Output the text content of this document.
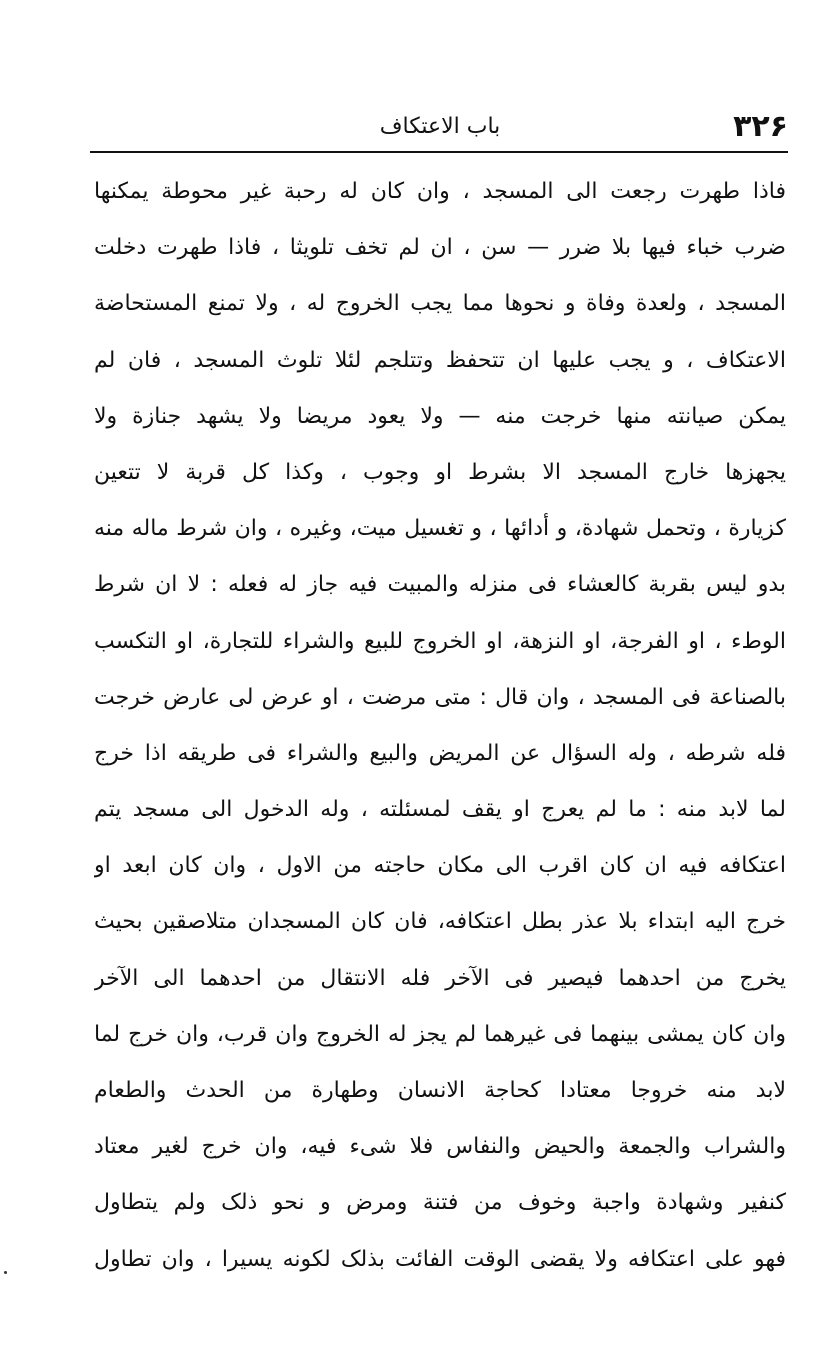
۳۲۶
باب الاعتکاف
فاذا طهرت رجعت الی المسجد ، وان کان له رحبة غیر محوطة یمکنها
ضرب خباء فیها بلا ضرر — سن ، ان لم تخف تلویثا ، فاذا طهرت دخلت
المسجد ، ولعدة وفاة و نحوها مما یجب الخروج له ، ولا تمنع المستحاضة
الاعتکاف ، و یجب علیها ان تتحفظ وتتلجم لئلا تلوث المسجد ، فان لم
یمکن صیانته منها خرجت منه — ولا یعود مریضا ولا یشهد جنازة ولا
یجهزها خارج المسجد الا بشرط او وجوب ، وکذا کل قربة لا تتعین
کزیارة ، وتحمل شهادة، و أدائها ، و تغسیل میت، وغیره ، وان شرط ماله منه
بدو لیس بقربة کالعشاء فی منزله والمبیت فیه جاز له فعله : لا ان شرط
الوطء ، او الفرجة، او النزهة، او الخروج للبیع والشراء للتجارة، او التکسب
بالصناعة فی المسجد ، وان قال : متی مرضت ، او عرض لی عارض خرجت
فله شرطه ، وله السؤال عن المریض والبیع والشراء فی طریقه اذا خرج
لما لابد منه : ما لم یعرج او یقف لمسئلته ، وله الدخول الی مسجد یتم
اعتکافه فیه ان کان اقرب الی مکان حاجته من الاول ، وان کان ابعد او
خرج الیه ابتداء بلا عذر بطل اعتکافه، فان کان المسجدان متلاصقین بحیث
یخرج من احدهما فیصیر فی الآخر فله الانتقال من احدهما الی الآخر
وان کان یمشی بینهما فی غیرهما لم یجز له الخروج وان قرب، وان خرج لما
لابد منه خروجا معتادا کحاجة الانسان وطهارة من الحدث والطعام
والشراب والجمعة والحیض والنفاس فلا شیء فیه، وان خرج لغیر معتاد
کنفیر وشهادة واجبة وخوف من فتنة ومرض و نحو ذلک ولم یتطاول
فهو علی اعتکافه ولا یقضی الوقت الفائت بذلک لکونه یسیرا ، وان تطاول
